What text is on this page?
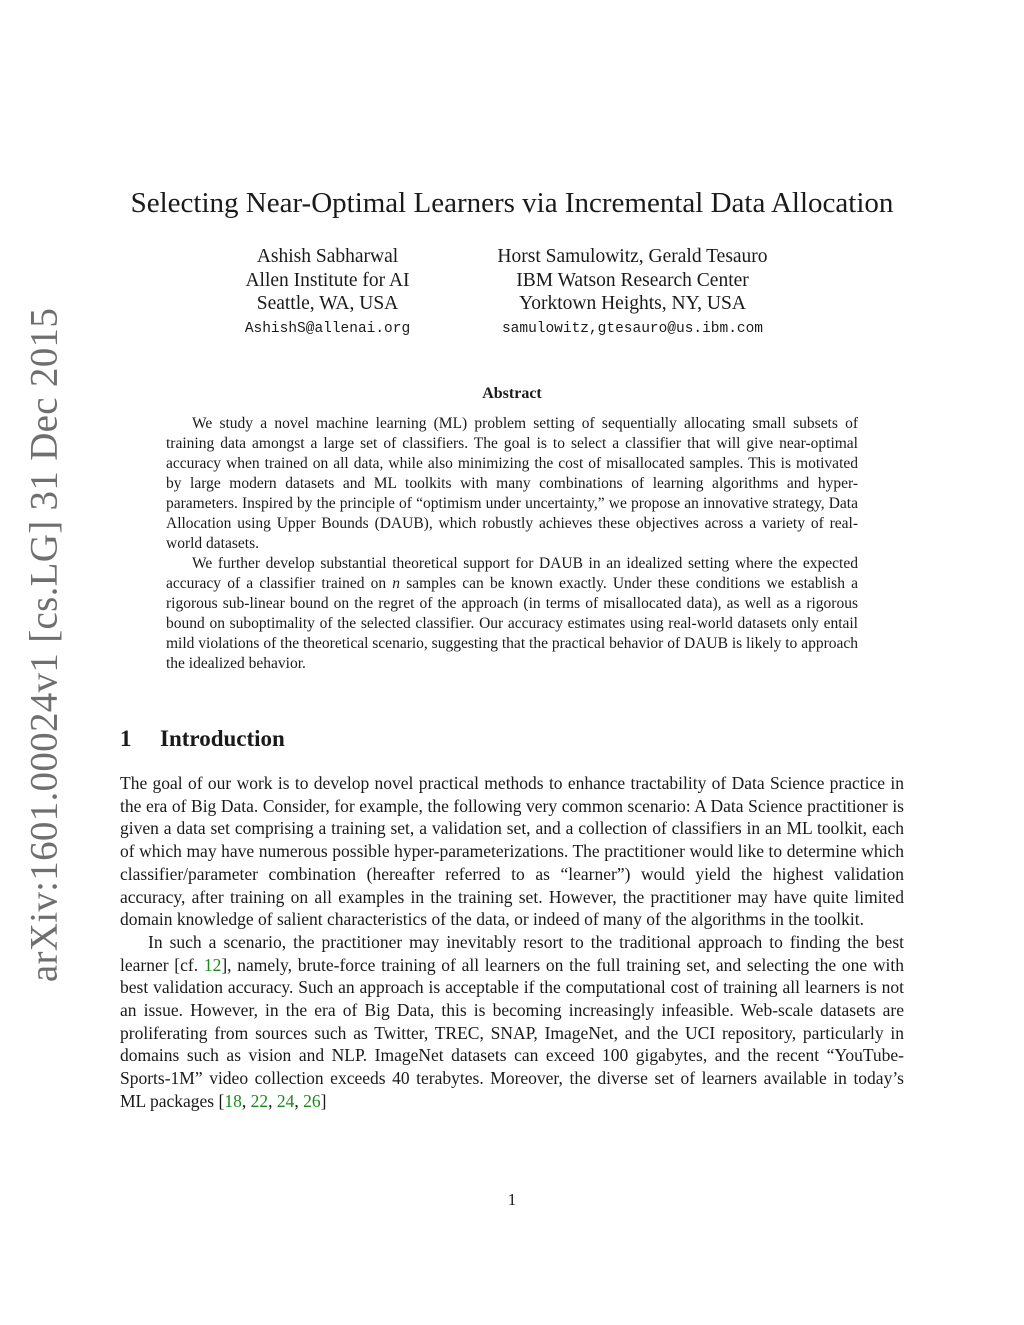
arXiv:1601.00024v1 [cs.LG] 31 Dec 2015
Selecting Near-Optimal Learners via Incremental Data Allocation
Ashish Sabharwal
Allen Institute for AI
Seattle, WA, USA
AshishS@allenai.org
Horst Samulowitz, Gerald Tesauro
IBM Watson Research Center
Yorktown Heights, NY, USA
samulowitz,gtesauro@us.ibm.com
Abstract

We study a novel machine learning (ML) problem setting of sequentially allocating small subsets of training data amongst a large set of classifiers. The goal is to select a classifier that will give near-optimal accuracy when trained on all data, while also minimizing the cost of misallocated samples. This is motivated by large modern datasets and ML toolkits with many combinations of learning algorithms and hyper-parameters. Inspired by the principle of “optimism under uncertainty,” we propose an innovative strategy, Data Allocation using Upper Bounds (DAUB), which robustly achieves these objectives across a variety of real-world datasets.

We further develop substantial theoretical support for DAUB in an idealized setting where the expected accuracy of a classifier trained on n samples can be known exactly. Under these conditions we establish a rigorous sub-linear bound on the regret of the approach (in terms of misallocated data), as well as a rigorous bound on suboptimality of the selected classifier. Our accuracy estimates using real-world datasets only entail mild violations of the theoretical scenario, suggesting that the practical behavior of DAUB is likely to approach the idealized behavior.

1 Introduction

The goal of our work is to develop novel practical methods to enhance tractability of Data Science practice in the era of Big Data. Consider, for example, the following very common scenario: A Data Science practitioner is given a data set comprising a training set, a validation set, and a collection of classifiers in an ML toolkit, each of which may have numerous possible hyper-parameterizations. The practitioner would like to determine which classifier/parameter combination (hereafter referred to as “learner”) would yield the highest validation accuracy, after training on all examples in the training set. However, the practitioner may have quite limited domain knowledge of salient characteristics of the data, or indeed of many of the algorithms in the toolkit.

In such a scenario, the practitioner may inevitably resort to the traditional approach to finding the best learner [cf. 12], namely, brute-force training of all learners on the full training set, and selecting the one with best validation accuracy. Such an approach is acceptable if the computational cost of training all learners is not an issue. However, in the era of Big Data, this is becoming increasingly infeasible. Web-scale datasets are proliferating from sources such as Twitter, TREC, SNAP, ImageNet, and the UCI repository, particularly in domains such as vision and NLP. ImageNet datasets can exceed 100 gigabytes, and the recent “YouTube-Sports-1M” video collection exceeds 40 terabytes. Moreover, the diverse set of learners available in today’s ML packages [18, 22, 24, 26]

1
